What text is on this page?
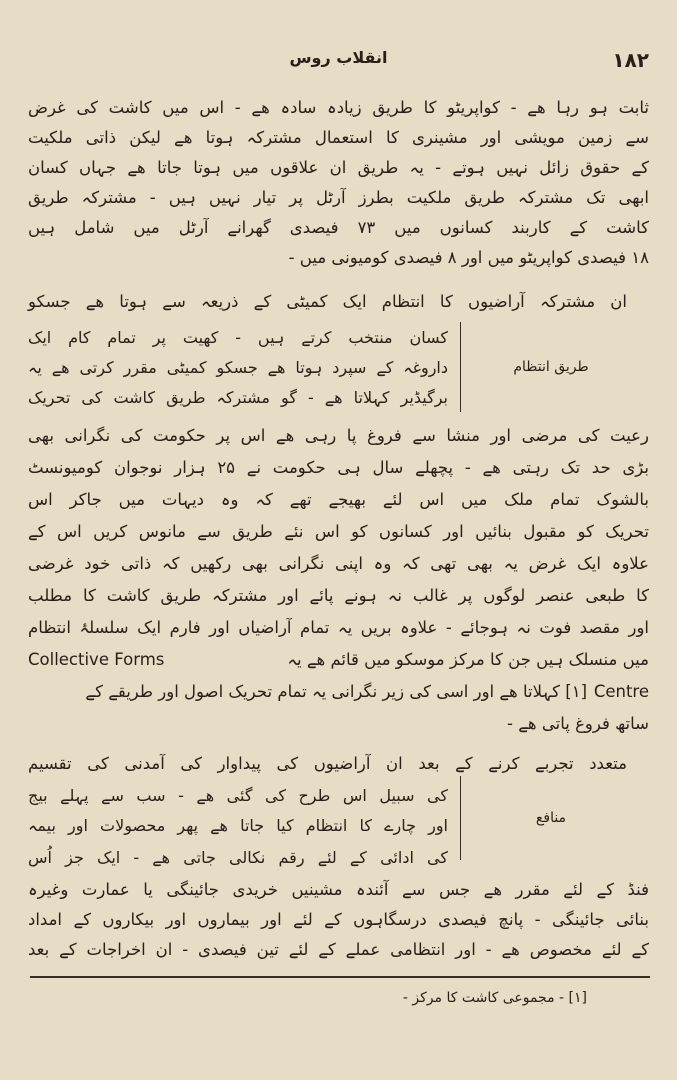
١٨٢
انقلاب روس
ثابت ہو رہا ھے - کواپریٹو کا طریق زیادہ سادہ ھے - اس میں کاشت کی غرض
سے زمین مویشی اور مشینری کا استعمال مشترکہ ہوتا ھے لیکن ذاتی ملکیت
کے حقوق زائل نہیں ہوتے - یہ طریق ان علاقوں میں ہوتا جاتا ھے جہاں کسان
ابھی تک مشترکہ طریق ملکیت بطرز آرٹل پر تیار نہیں ہیں - مشترکہ طریق
کاشت کے کاربند کسانوں میں ۷۳ فیصدی گھرانے آرٹل میں شامل ہیں
۱۸ فیصدی کواپریٹو میں اور ۸ فیصدی کومیونی میں -
ان مشترکہ آراضیوں کا انتظام ایک کمیٹی کے ذریعہ سے ہوتا ھے جسکو
طریق انتظام
کسان منتخب کرتے ہیں - کھیت پر تمام کام ایک
داروغہ کے سپرد ہوتا ھے جسکو کمیٹی مقرر کرتی ھے یہ
برگیڈیر کہلاتا ھے - گو مشترکہ طریق کاشت کی تحریک
رعیت کی مرضی اور منشا سے فروغ پا رہی ھے اس پر حکومت کی نگرانی بھی
بڑی حد تک رہتی ھے - پچھلے سال ہی حکومت نے ۲۵ ہزار نوجوان کومیونسٹ
بالشوک تمام ملک میں اس لئے بھیجے تھے کہ وہ دیہات میں جاکر اس
تحریک کو مقبول بنائیں اور کسانوں کو اس نئے طریق سے مانوس کریں اس کے
علاوہ ایک غرض یہ بھی تھی کہ وہ اپنی نگرانی بھی رکھیں کہ ذاتی خود غرضی
کا طبعی عنصر لوگوں پر غالب نہ ہونے پائے اور مشترکہ طریق کاشت کا مطلب
اور مقصد فوت نہ ہوجائے - علاوہ بریں یہ تمام آراضیاں اور فارم ایک سلسلۂ انتظام
Collective Forms	میں منسلک ہیں جن کا مرکز موسکو میں قائم ھے یہ
[۱] کہلاتا ھے اور اسی کی زیر نگرانی یہ تمام تحریک اصول اور طریقے کے Centre
ساتھ فروغ پاتی ھے -
متعدد تجربے کرنے کے بعد ان آراضیوں کی پیداوار کی آمدنی کی تقسیم
منافع
کی سبیل اس طرح کی گئی ھے - سب سے پہلے بیج
اور چارے کا انتظام کیا جاتا ھے پھر محصولات اور بیمہ
کی ادائی کے لئے رقم نکالی جاتی ھے - ایک جز اُس
فنڈ کے لئے مقرر ھے جس سے آئندہ مشینیں خریدی جائینگی یا عمارت وغیرہ
بنائی جائینگی - پانچ فیصدی درسگاہوں کے لئے اور بیماروں اور بیکاروں کے امداد
کے لئے مخصوص ھے - اور انتظامی عملے کے لئے تین فیصدی - ان اخراجات کے بعد
[۱] - مجموعی کاشت کا مرکز -
